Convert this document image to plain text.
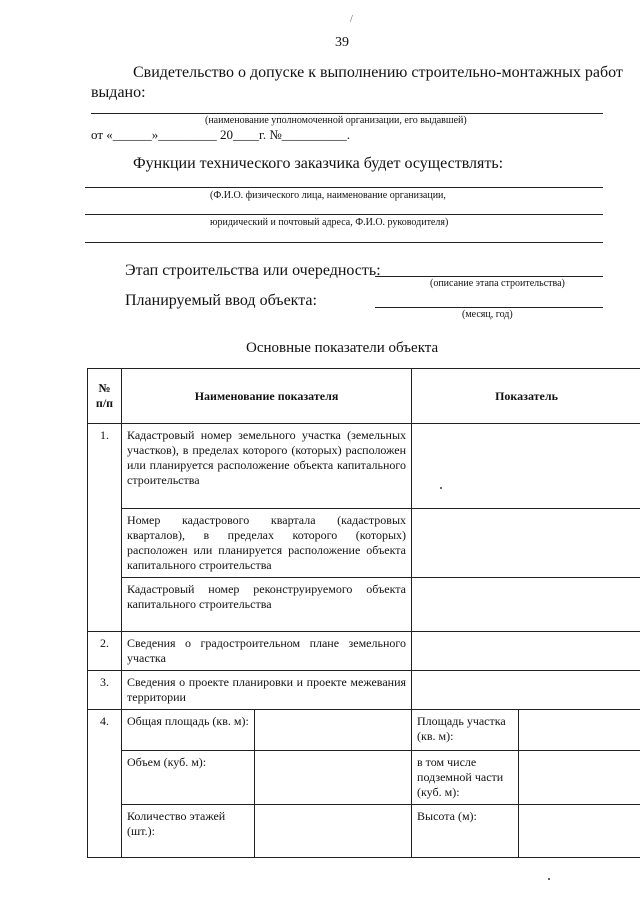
/
39
Свидетельство о допуске к выполнению строительно-монтажных работ
выдано:
(наименование уполномоченной организации, его выдавшей)
от «______»_________ 20____г. №__________.
Функции технического заказчика будет осуществлять:
(Ф.И.О. физического лица, наименование организации,
юридический и почтовый адреса, Ф.И.О. руководителя)
Этап строительства или очередность:
(описание этапа строительства)
Планируемый ввод объекта:
(месяц, год)
Основные показатели объекта
№ п/п	Наименование показателя		Показатель	
1.	Кадастровый номер земельного участка (земельных участков), в пределах которого (которых) расположен или планируется расположение объекта капитального строительства			
	Номер кадастрового квартала (кадастровых кварталов), в пределах которого (которых) расположен или планируется расположение объекта капитального строительства			
	Кадастровый номер реконструируемого объекта капитального строительства			
2.	Сведения о градостроительном плане земельного участка			
3.	Сведения о проекте планировки и проекте межевания территории			
4.	Общая площадь (кв. м):		Площадь участка (кв. м):	
	Объем (куб. м):		в том числе подземной части (куб. м):	
	Количество этажей (шт.):		Высота (м):	
